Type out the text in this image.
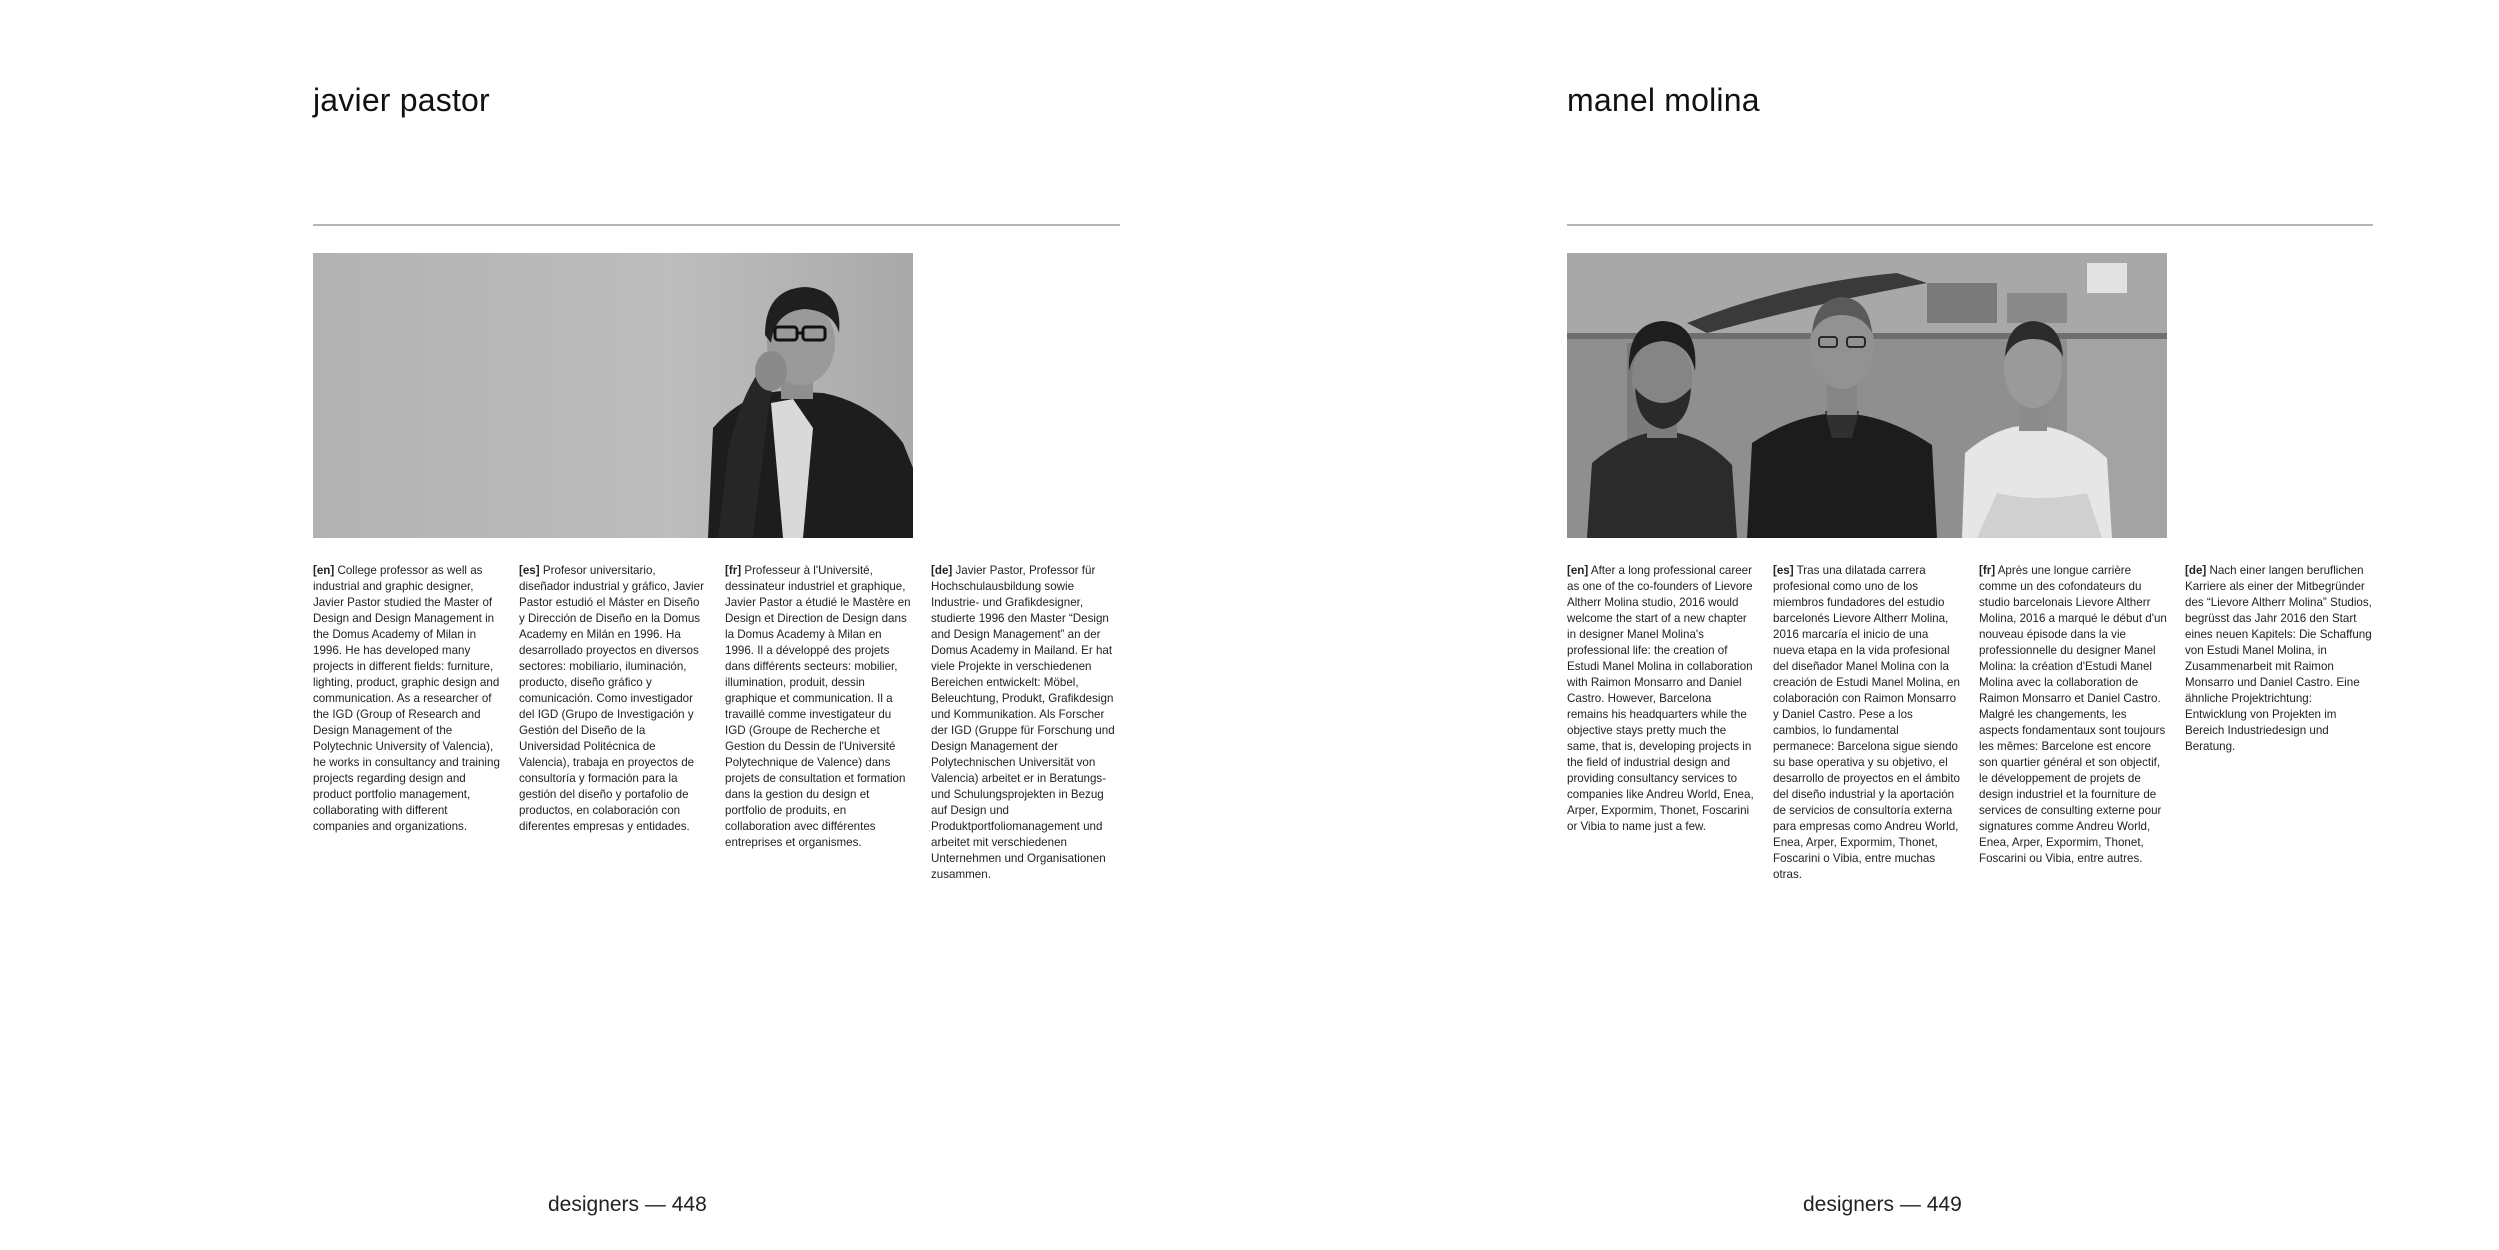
javier pastor

[en] College professor as well as industrial and graphic designer, Javier Pastor studied the Master of Design and Design Management in the Domus Academy of Milan in 1996. He has developed many projects in different fields: furniture, lighting, product, graphic design and communication. As a researcher of the IGD (Group of Research and Design Management of the Polytechnic University of Valencia), he works in consultancy and training projects regarding design and product portfolio management, collaborating with different companies and organizations.

[es] Profesor universitario, diseñador industrial y gráfico, Javier Pastor estudió el Máster en Diseño y Dirección de Diseño en la Domus Academy en Milán en 1996. Ha desarrollado proyectos en diversos sectores: mobiliario, iluminación, producto, diseño gráfico y comunicación. Como investigador del IGD (Grupo de Investigación y Gestión del Diseño de la Universidad Politécnica de Valencia), trabaja en proyectos de consultoría y formación para la gestión del diseño y portafolio de productos, en colaboración con diferentes empresas y entidades.

[fr] Professeur à l'Université, dessinateur industriel et graphique, Javier Pastor a étudié le Mastère en Design et Direction de Design dans la Domus Academy à Milan en 1996. Il a développé des projets dans différents secteurs: mobilier, illumination, produit, dessin graphique et communication. Il a travaillé comme investigateur du IGD (Groupe de Recherche et Gestion du Dessin de l'Université Polytechnique de Valence) dans projets de consultation et formation dans la gestion du design et portfolio de produits, en collaboration avec différentes entreprises et organismes.

[de] Javier Pastor, Professor für Hochschulausbildung sowie Industrie- und Grafikdesigner, studierte 1996 den Master “Design and Design Management” an der Domus Academy in Mailand. Er hat viele Projekte in verschiedenen Bereichen entwickelt: Möbel, Beleuchtung, Produkt, Grafikdesign und Kommunikation. Als Forscher der IGD (Gruppe für Forschung und Design Management der Polytechnischen Universität von Valencia) arbeitet er in Beratungs- und Schulungsprojekten in Bezug auf Design und Produktportfoliomanagement und arbeitet mit verschiedenen Unternehmen und Organisationen zusammen.

designers — 448
manel molina

[en] After a long professional career as one of the co-founders of Lievore Altherr Molina studio, 2016 would welcome the start of a new chapter in designer Manel Molina's professional life: the creation of Estudi Manel Molina in collaboration with Raimon Monsarro and Daniel Castro. However, Barcelona remains his headquarters while the objective stays pretty much the same, that is, developing projects in the field of industrial design and providing consultancy services to companies like Andreu World, Enea, Arper, Expormim, Thonet, Foscarini or Vibia to name just a few.

[es] Tras una dilatada carrera profesional como uno de los miembros fundadores del estudio barcelonés Lievore Altherr Molina, 2016 marcaría el inicio de una nueva etapa en la vida profesional del diseñador Manel Molina con la creación de Estudi Manel Molina, en colaboración con Raimon Monsarro y Daniel Castro. Pese a los cambios, lo fundamental permanece: Barcelona sigue siendo su base operativa y su objetivo, el desarrollo de proyectos en el ámbito del diseño industrial y la aportación de servicios de consultoría externa para empresas como Andreu World, Enea, Arper, Expormim, Thonet, Foscarini o Vibia, entre muchas otras.

[fr] Après une longue carrière comme un des cofondateurs du studio barcelonais Lievore Altherr Molina, 2016 a marqué le début d'un nouveau épisode dans la vie professionnelle du designer Manel Molina: la création d'Estudi Manel Molina avec la collaboration de Raimon Monsarro et Daniel Castro. Malgré les changements, les aspects fondamentaux sont toujours les mêmes: Barcelone est encore son quartier général et son objectif, le développement de projets de design industriel et la fourniture de services de consulting externe pour signatures comme Andreu World, Enea, Arper, Expormim, Thonet, Foscarini ou Vibia, entre autres.

[de] Nach einer langen beruflichen Karriere als einer der Mitbegründer des “Lievore Altherr Molina” Studios, begrüsst das Jahr 2016 den Start eines neuen Kapitels: Die Schaffung von Estudi Manel Molina, in Zusammenarbeit mit Raimon Monsarro und Daniel Castro. Eine ähnliche Projektrichtung: Entwicklung von Projekten im Bereich Industriedesign und Beratung.

designers — 449
